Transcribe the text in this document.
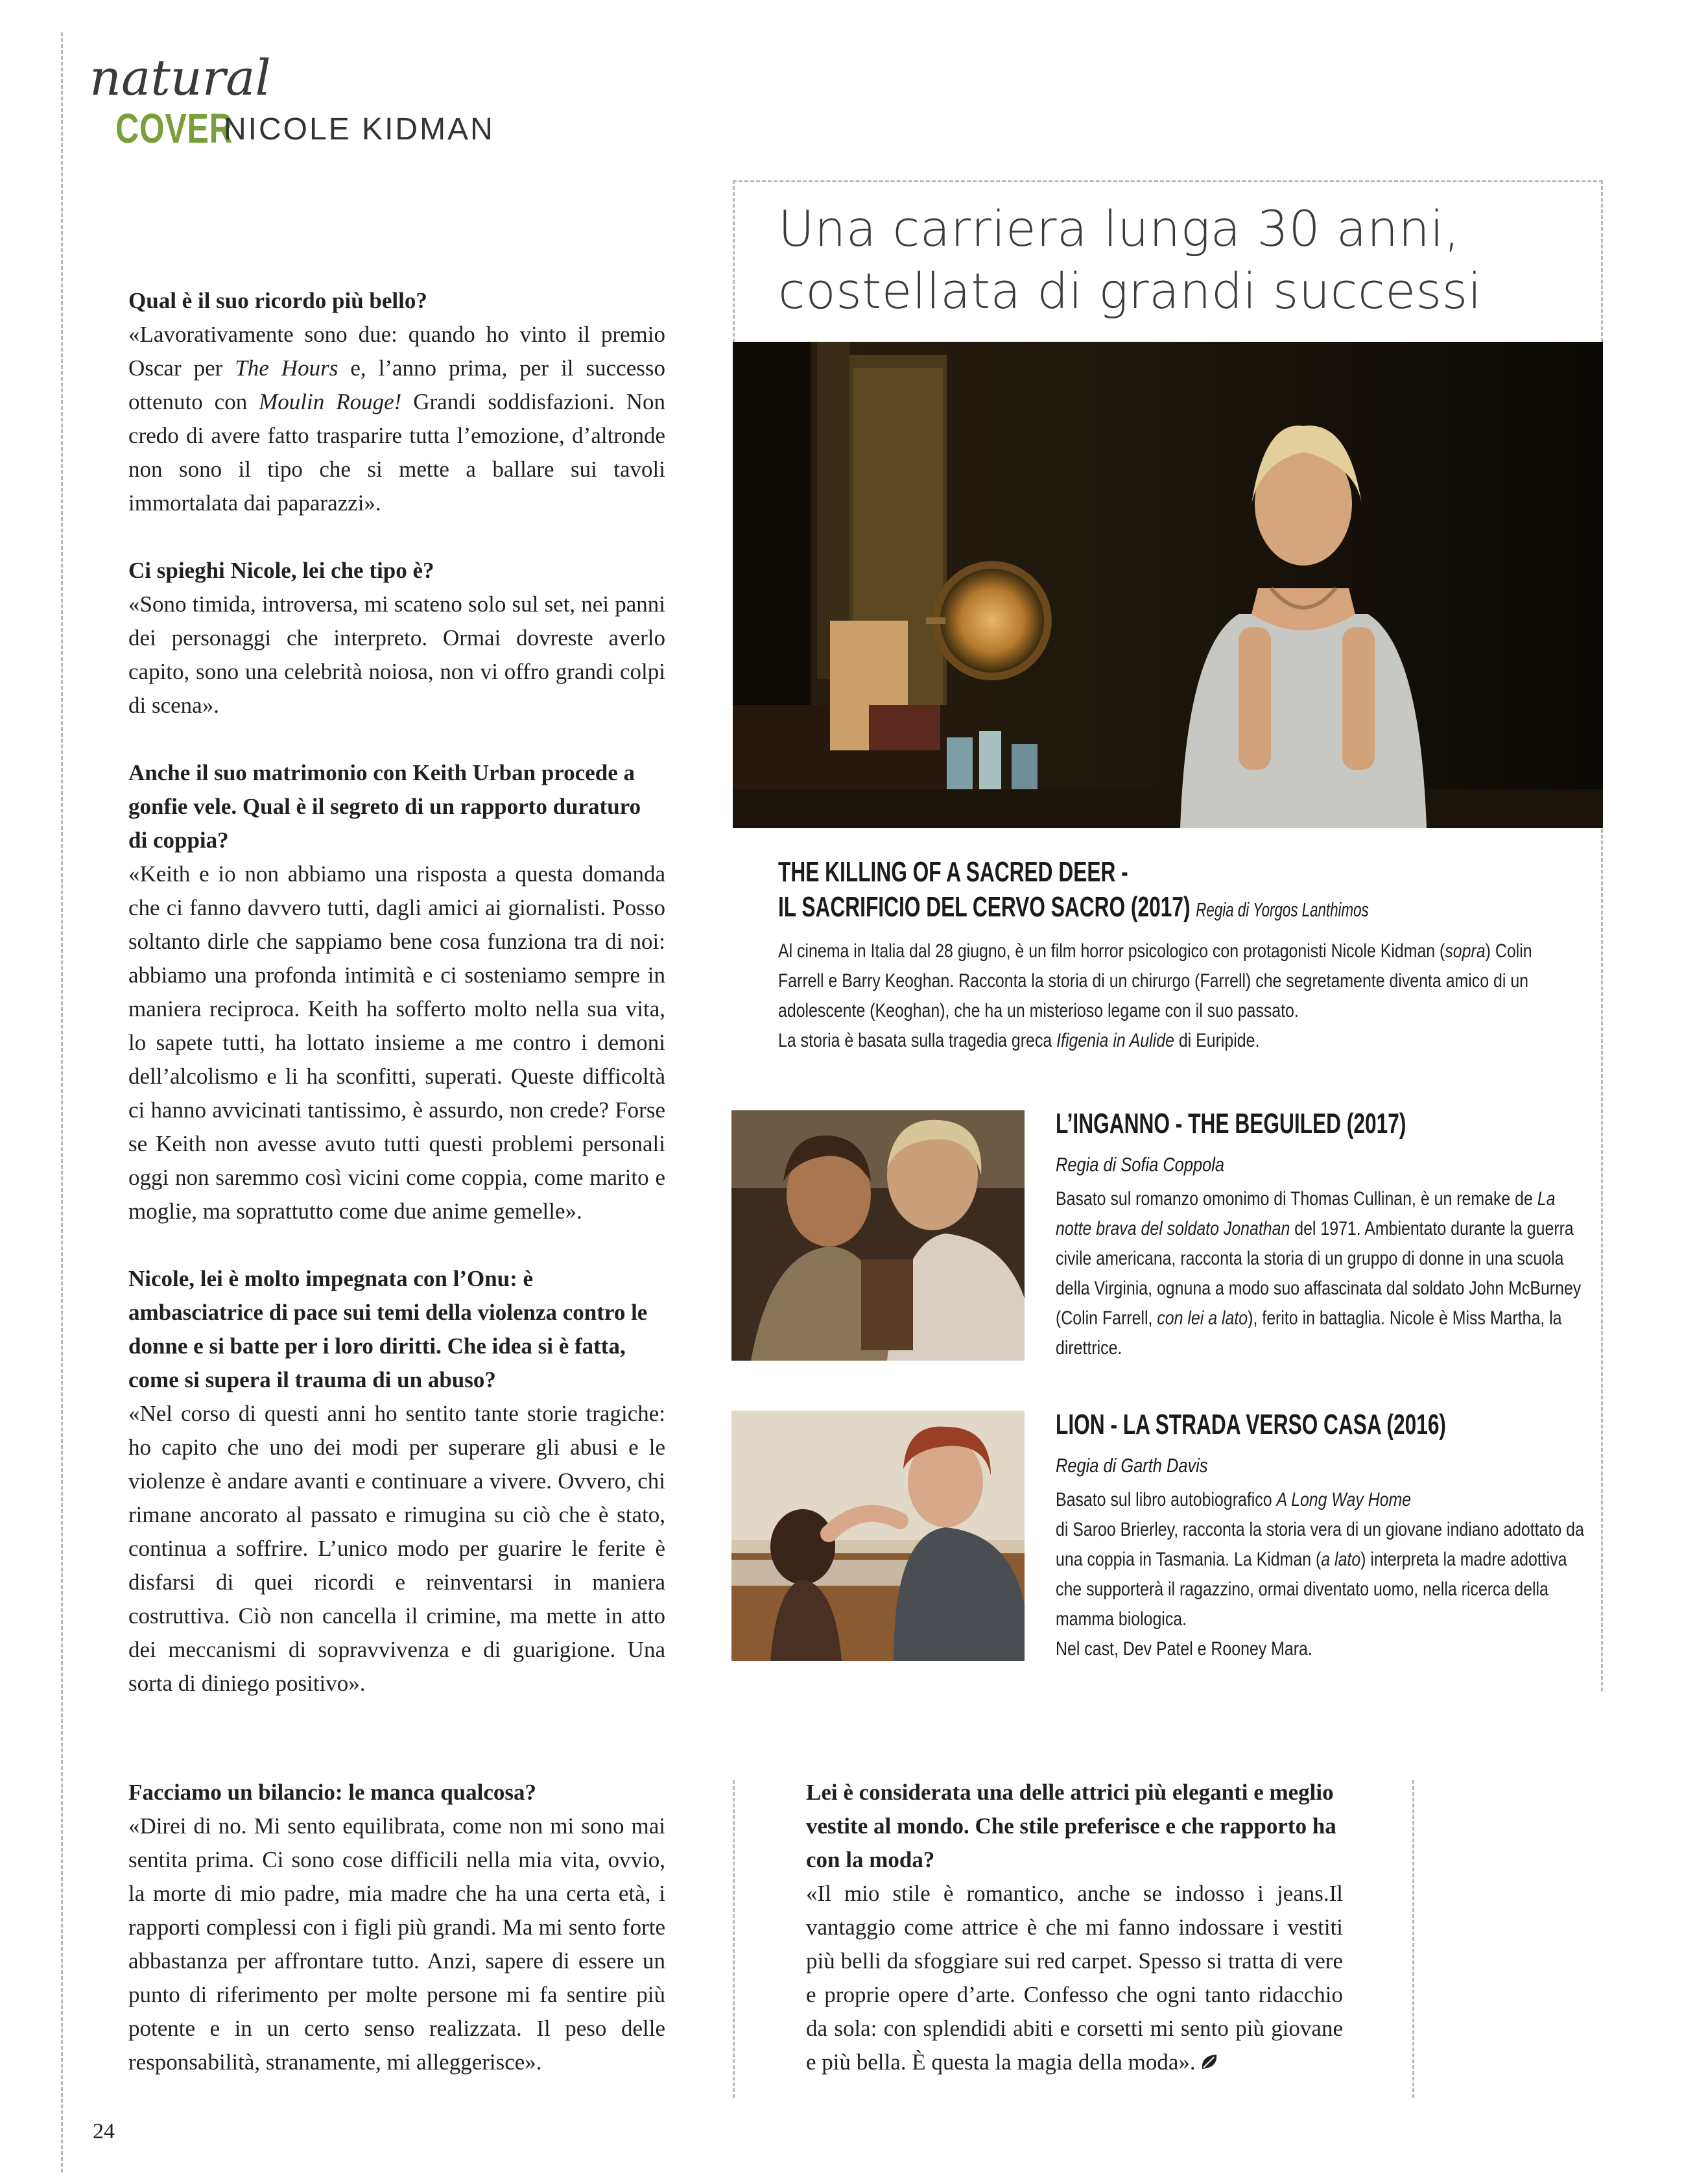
natural
COVER
NICOLE KIDMAN

Qual è il suo ricordo più bello?

«Lavorativamente sono due: quando ho vinto il premio Oscar per The Hours e, l’anno prima, per il successo ottenuto con Moulin Rouge! Grandi soddisfazioni. Non credo di avere fatto trasparire tutta l’emozione, d’altronde non sono il tipo che si mette a ballare sui tavoli immortalata dai paparazzi».

Ci spieghi Nicole, lei che tipo è?

«Sono timida, introversa, mi scateno solo sul set, nei panni dei personaggi che interpreto. Ormai dovreste averlo capito, sono una celebrità noiosa, non vi offro grandi colpi di scena».

Anche il suo matrimonio con Keith Urban procede a gonfie vele. Qual è il segreto di un rapporto duraturo di coppia?

«Keith e io non abbiamo una risposta a questa domanda che ci fanno davvero tutti, dagli amici ai giornalisti. Posso soltanto dirle che sappiamo bene cosa funziona tra di noi: abbiamo una profonda intimità e ci sosteniamo sempre in maniera reciproca. Keith ha sofferto molto nella sua vita, lo sapete tutti, ha lottato insieme a me contro i demoni dell’alcolismo e li ha sconfitti, superati. Queste difficoltà ci hanno avvicinati tantissimo, è assurdo, non crede? Forse se Keith non avesse avuto tutti questi problemi personali oggi non saremmo così vicini come coppia, come marito e moglie, ma soprattutto come due anime gemelle».

Nicole, lei è molto impegnata con l’Onu: è ambasciatrice di pace sui temi della violenza contro le donne e si batte per i loro diritti. Che idea si è fatta, come si supera il trauma di un abuso?

«Nel corso di questi anni ho sentito tante storie tragiche: ho capito che uno dei modi per superare gli abusi e le violenze è andare avanti e continuare a vivere. Ovvero, chi rimane ancorato al passato e rimugina su ciò che è stato, continua a soffrire. L’unico modo per guarire le ferite è disfarsi di quei ricordi e reinventarsi in maniera costruttiva. Ciò non cancella il crimine, ma mette in atto dei meccanismi di sopravvivenza e di guarigione. Una sorta di diniego positivo».

Facciamo un bilancio: le manca qualcosa?

«Direi di no. Mi sento equilibrata, come non mi sono mai sentita prima. Ci sono cose difficili nella mia vita, ovvio, la morte di mio padre, mia madre che ha una certa età, i rapporti complessi con i figli più grandi. Ma mi sento forte abbastanza per affrontare tutto. Anzi, sapere di essere un punto di riferimento per molte persone mi fa sentire più potente e in un certo senso realizzata. Il peso delle responsabilità, stranamente, mi alleggerisce».

Una carriera lunga 30 anni,
costellata di grandi successi
THE KILLING OF A SACRED DEER -
IL SACRIFICIO DEL CERVO SACRO (2017) Regia di Yorgos Lanthimos

Al cinema in Italia dal 28 giugno, è un film horror psicologico con protagonisti Nicole Kidman (sopra) Colin Farrell e Barry Keoghan. Racconta la storia di un chirurgo (Farrell) che segretamente diventa amico di un adolescente (Keoghan), che ha un misterioso legame con il suo passato.

La storia è basata sulla tragedia greca Ifigenia in Aulide di Euripide.

L’INGANNO - THE BEGUILED (2017)
Regia di Sofia Coppola

Basato sul romanzo omonimo di Thomas Cullinan, è un remake de La notte brava del soldato Jonathan del 1971. Ambientato durante la guerra civile americana, racconta la storia di un gruppo di donne in una scuola della Virginia, ognuna a modo suo affascinata dal soldato John McBurney (Colin Farrell, con lei a lato), ferito in battaglia. Nicole è Miss Martha, la direttrice.

LION - LA STRADA VERSO CASA (2016)
Regia di Garth Davis

Basato sul libro autobiografico A Long Way Home

di Saroo Brierley, racconta la storia vera di un giovane indiano adottato da una coppia in Tasmania. La Kidman (a lato) interpreta la madre adottiva che supporterà il ragazzino, ormai diventato uomo, nella ricerca della mamma biologica.

Nel cast, Dev Patel e Rooney Mara.

Lei è considerata una delle attrici più eleganti e meglio vestite al mondo. Che stile preferisce e che rapporto ha con la moda?

«Il mio stile è romantico, anche se indosso i jeans.Il vantaggio come attrice è che mi fanno indossare i vestiti più belli da sfoggiare sui red carpet. Spesso si tratta di vere e proprie opere d’arte. Confesso che ogni tanto ridacchio da sola: con splendidi abiti e corsetti mi sento più giovane e più bella. È questa la magia della moda».

24
